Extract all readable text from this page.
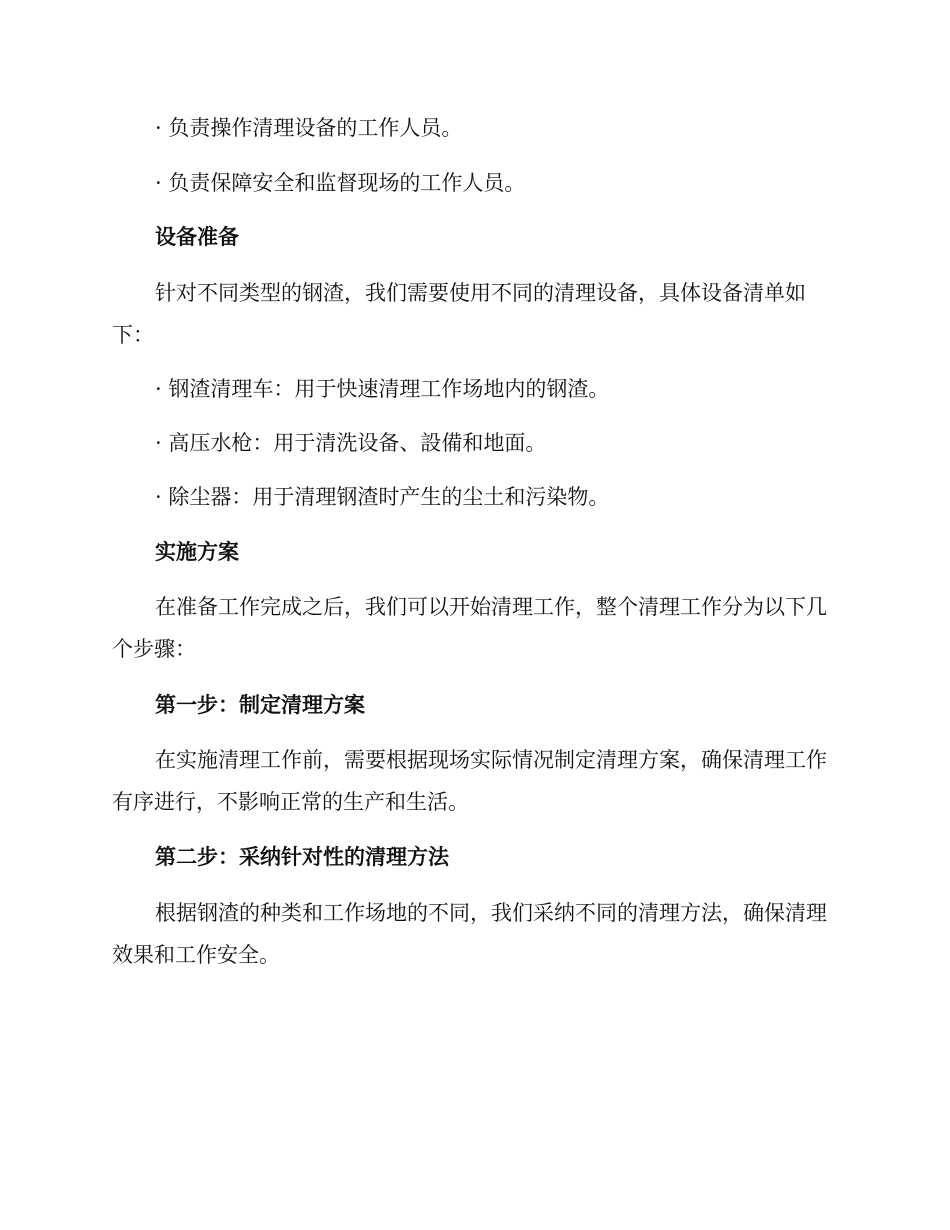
· 负责操作清理设备的工作人员。
· 负责保障安全和监督现场的工作人员。
设备准备

针对不同类型的钢渣，我们需要使用不同的清理设备，具体设备清单如下：

· 钢渣清理车：用于快速清理工作场地内的钢渣。
· 高压水枪：用于清洗设备、設備和地面。
· 除尘器：用于清理钢渣时产生的尘土和污染物。
实施方案

在准备工作完成之后，我们可以开始清理工作，整个清理工作分为以下几个步骤：

第一步：制定清理方案

在实施清理工作前，需要根据现场实际情况制定清理方案，确保清理工作有序进行，不影响正常的生产和生活。

第二步：采纳针对性的清理方法

根据钢渣的种类和工作场地的不同，我们采纳不同的清理方法，确保清理效果和工作安全。
